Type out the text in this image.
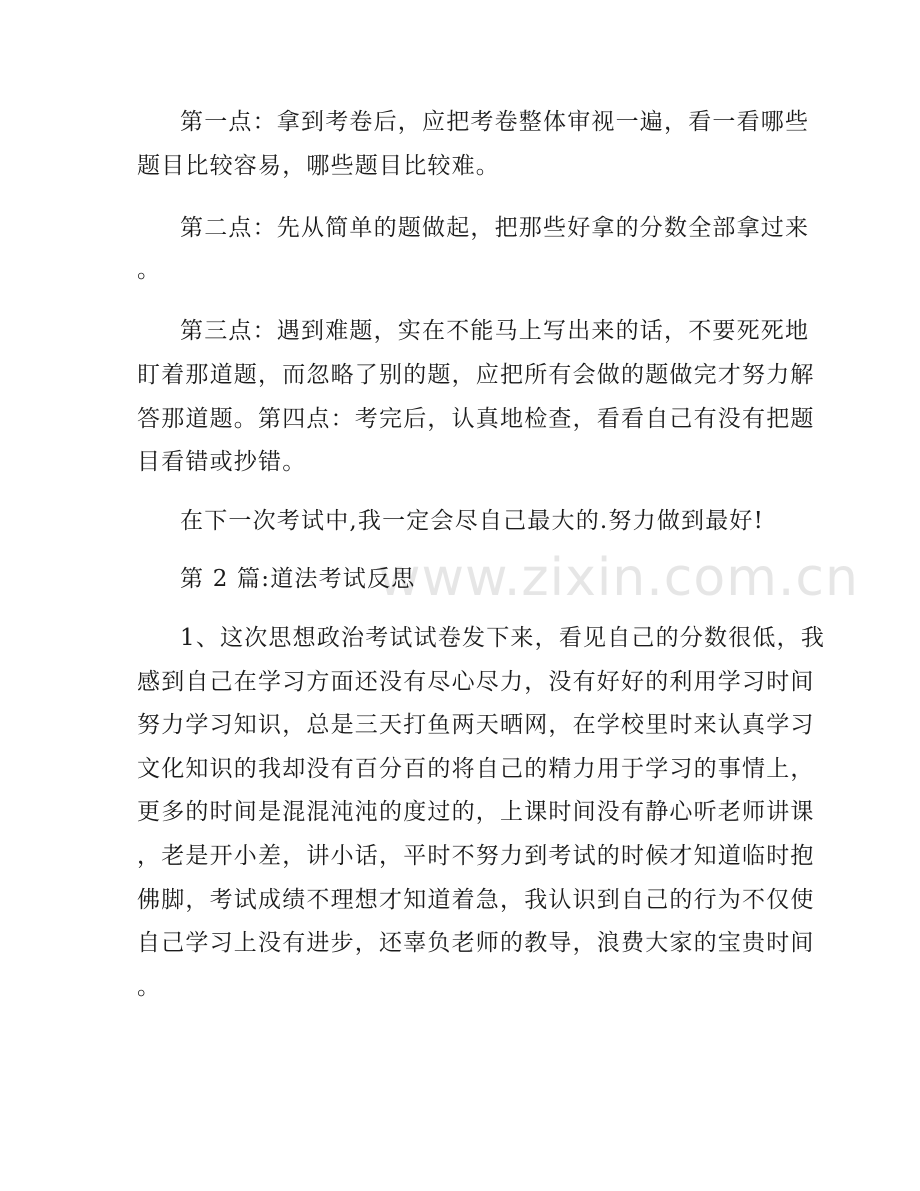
www.zixin.com.cn
第一点：拿到考卷后，应把考卷整体审视一遍，看一看哪些
题目比较容易，哪些题目比较难。
第二点：先从简单的题做起，把那些好拿的分数全部拿过来
。
第三点：遇到难题，实在不能马上写出来的话，不要死死地
盯着那道题，而忽略了别的题，应把所有会做的题做完才努力解
答那道题。第四点：考完后，认真地检查，看看自己有没有把题
目看错或抄错。
在下一次考试中,我一定会尽自己最大的.努力做到最好!
第 2 篇:道法考试反思
1、这次思想政治考试试卷发下来，看见自己的分数很低，我
感到自己在学习方面还没有尽心尽力，没有好好的利用学习时间
努力学习知识，总是三天打鱼两天晒网，在学校里时来认真学习
文化知识的我却没有百分百的将自己的精力用于学习的事情上，
更多的时间是混混沌沌的度过的，上课时间没有静心听老师讲课
，老是开小差，讲小话，平时不努力到考试的时候才知道临时抱
佛脚，考试成绩不理想才知道着急，我认识到自己的行为不仅使
自己学习上没有进步，还辜负老师的教导，浪费大家的宝贵时间
。
